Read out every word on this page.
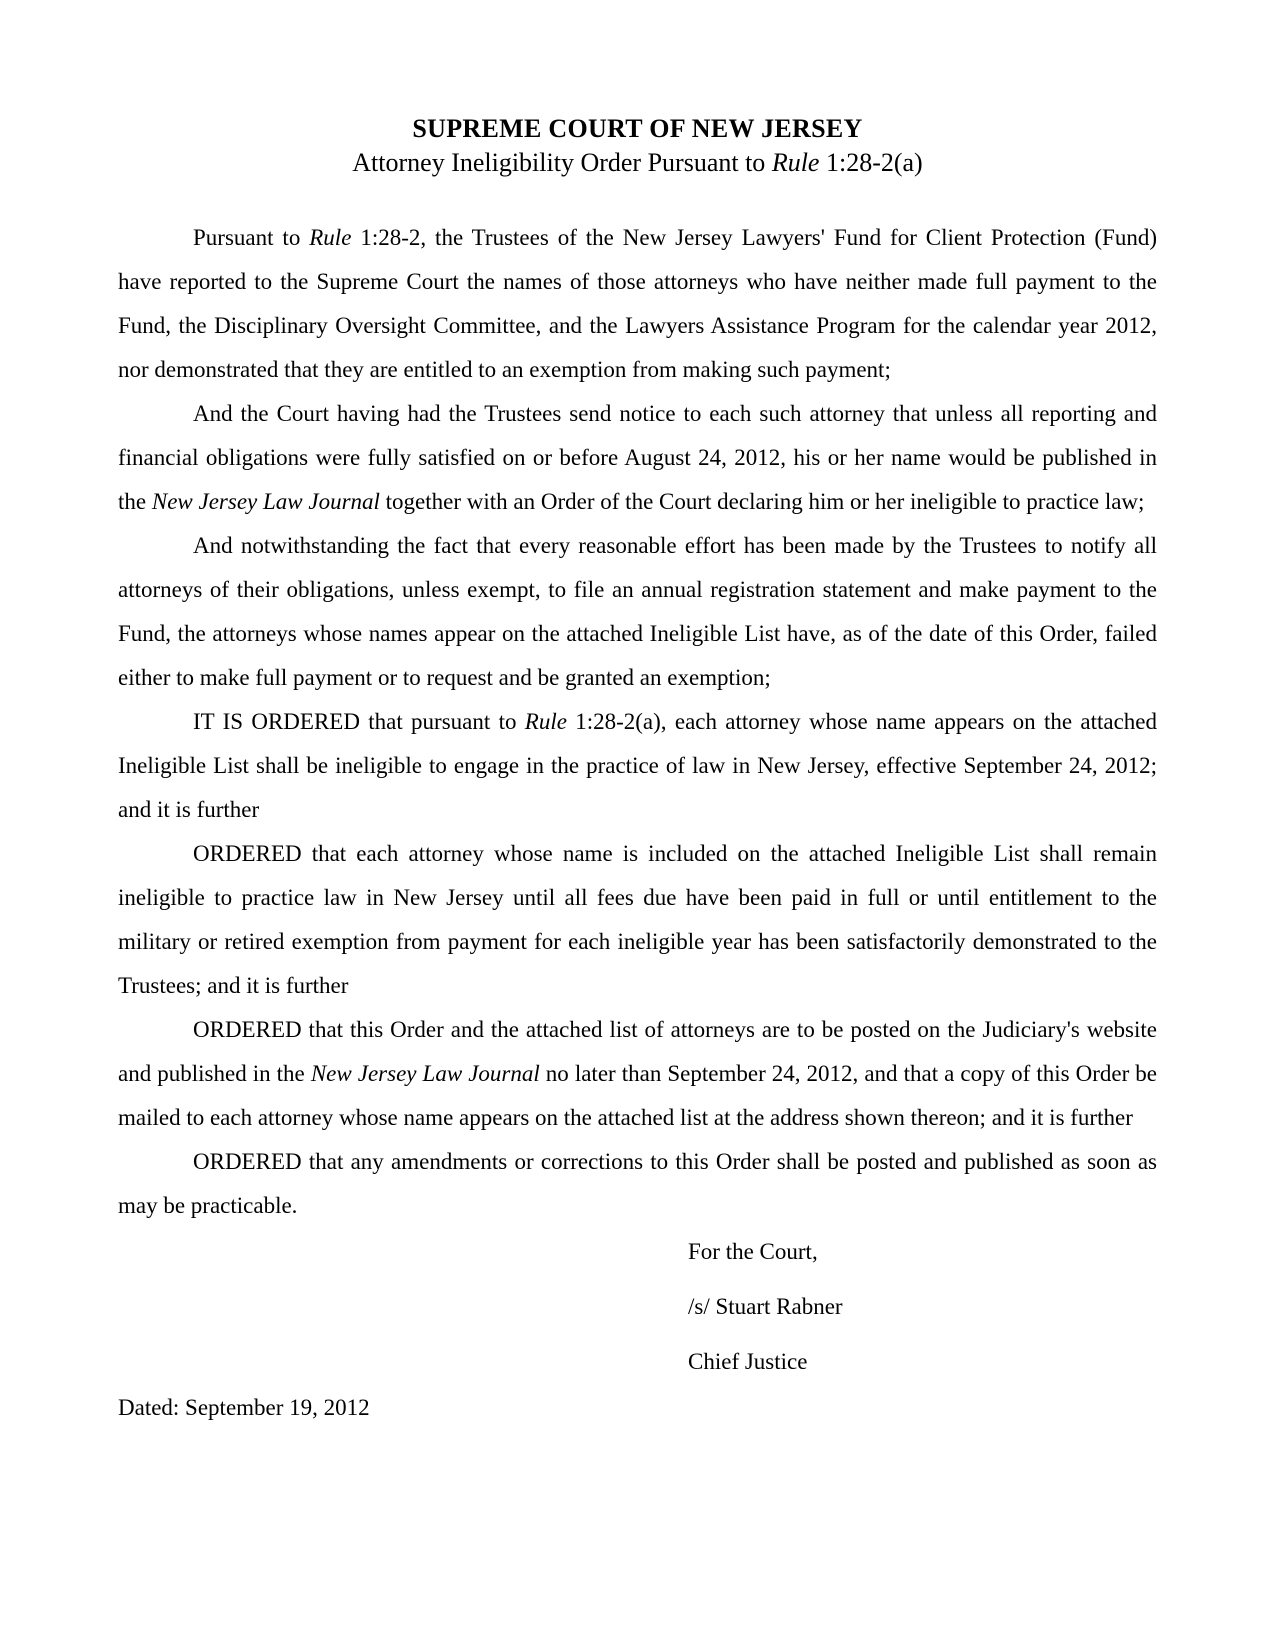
SUPREME COURT OF NEW JERSEY
Attorney Ineligibility Order Pursuant to Rule 1:28-2(a)

Pursuant to Rule 1:28-2, the Trustees of the New Jersey Lawyers' Fund for Client Protection (Fund) have reported to the Supreme Court the names of those attorneys who have neither made full payment to the Fund, the Disciplinary Oversight Committee, and the Lawyers Assistance Program for the calendar year 2012, nor demonstrated that they are entitled to an exemption from making such payment;

And the Court having had the Trustees send notice to each such attorney that unless all reporting and financial obligations were fully satisfied on or before August 24, 2012, his or her name would be published in the New Jersey Law Journal together with an Order of the Court declaring him or her ineligible to practice law;

And notwithstanding the fact that every reasonable effort has been made by the Trustees to notify all attorneys of their obligations, unless exempt, to file an annual registration statement and make payment to the Fund, the attorneys whose names appear on the attached Ineligible List have, as of the date of this Order, failed either to make full payment or to request and be granted an exemption;

IT IS ORDERED that pursuant to Rule 1:28-2(a), each attorney whose name appears on the attached Ineligible List shall be ineligible to engage in the practice of law in New Jersey, effective September 24, 2012; and it is further

ORDERED that each attorney whose name is included on the attached Ineligible List shall remain ineligible to practice law in New Jersey until all fees due have been paid in full or until entitlement to the military or retired exemption from payment for each ineligible year has been satisfactorily demonstrated to the Trustees; and it is further

ORDERED that this Order and the attached list of attorneys are to be posted on the Judiciary's website and published in the New Jersey Law Journal no later than September 24, 2012, and that a copy of this Order be mailed to each attorney whose name appears on the attached list at the address shown thereon; and it is further

ORDERED that any amendments or corrections to this Order shall be posted and published as soon as may be practicable.

For the Court,

/s/ Stuart Rabner

Chief Justice

Dated: September 19, 2012
